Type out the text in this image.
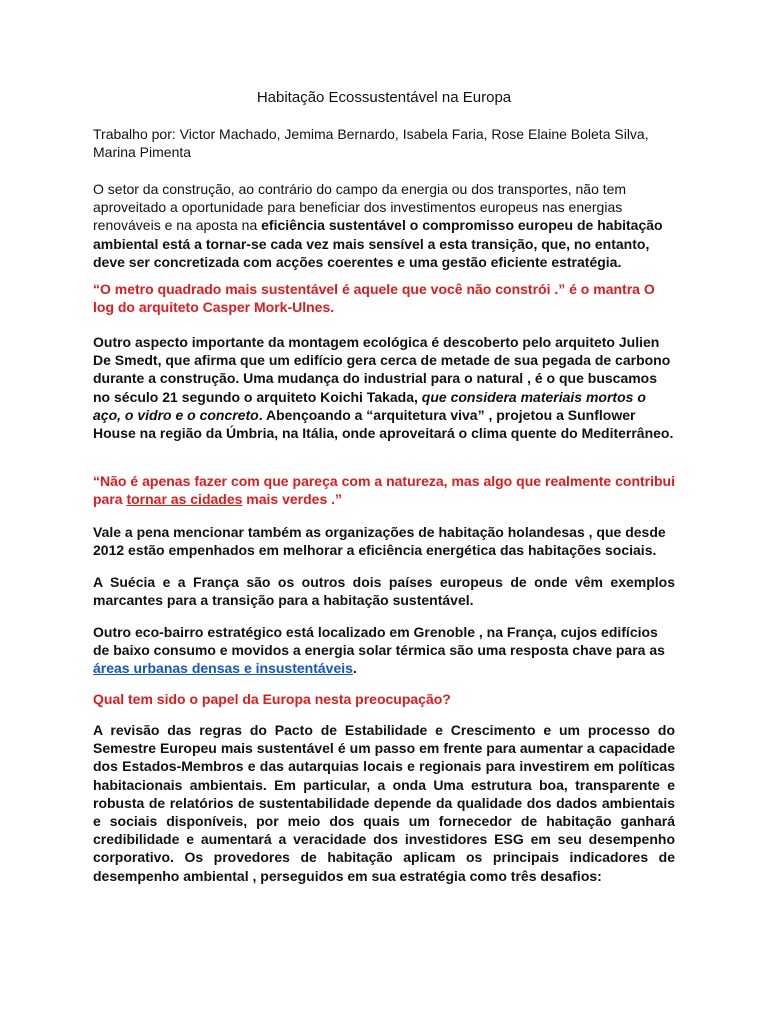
Habitação Ecossustentável na Europa

Trabalho por: Victor Machado, Jemima Bernardo, Isabela Faria, Rose Elaine Boleta Silva, Marina Pimenta

O setor da construção, ao contrário do campo da energia ou dos transportes, não tem aproveitado a oportunidade para beneficiar dos investimentos europeus nas energias renováveis e na aposta na eficiência sustentável o compromisso europeu de habitação ambiental está a tornar-se cada vez mais sensível a esta transição, que, no entanto, deve ser concretizada com acções coerentes e uma gestão eficiente estratégia.

“O metro quadrado mais sustentável é aquele que você não constrói .” é o mantra O log do arquiteto Casper Mork-Ulnes.

Outro aspecto importante da montagem ecológica é descoberto pelo arquiteto Julien De Smedt, que afirma que um edifício gera cerca de metade de sua pegada de carbono durante a construção. Uma mudança do industrial para o natural , é o que buscamos no século 21 segundo o arquiteto Koichi Takada, que considera materiais mortos o aço, o vidro e o concreto. Abençoando a “arquitetura viva” , projetou a Sunflower House na região da Úmbria, na Itália, onde aproveitará o clima quente do Mediterrâneo.

“Não é apenas fazer com que pareça com a natureza, mas algo que realmente contribui para tornar as cidades mais verdes .”

Vale a pena mencionar também as organizações de habitação holandesas , que desde 2012 estão empenhados em melhorar a eficiência energética das habitações sociais.

A Suécia e a França são os outros dois países europeus de onde vêm exemplos marcantes para a transição para a habitação sustentável.

Outro eco-bairro estratégico está localizado em Grenoble , na França, cujos edifícios de baixo consumo e movidos a energia solar térmica são uma resposta chave para as áreas urbanas densas e insustentáveis.

Qual tem sido o papel da Europa nesta preocupação?

A revisão das regras do Pacto de Estabilidade e Crescimento e um processo do Semestre Europeu mais sustentável é um passo em frente para aumentar a capacidade dos Estados-Membros e das autarquias locais e regionais para investirem em políticas habitacionais ambientais. Em particular, a onda Uma estrutura boa, transparente e robusta de relatórios de sustentabilidade depende da qualidade dos dados ambientais e sociais disponíveis, por meio dos quais um fornecedor de habitação ganhará credibilidade e aumentará a veracidade dos investidores ESG em seu desempenho corporativo. Os provedores de habitação aplicam os principais indicadores de desempenho ambiental , perseguidos em sua estratégia como três desafios:
